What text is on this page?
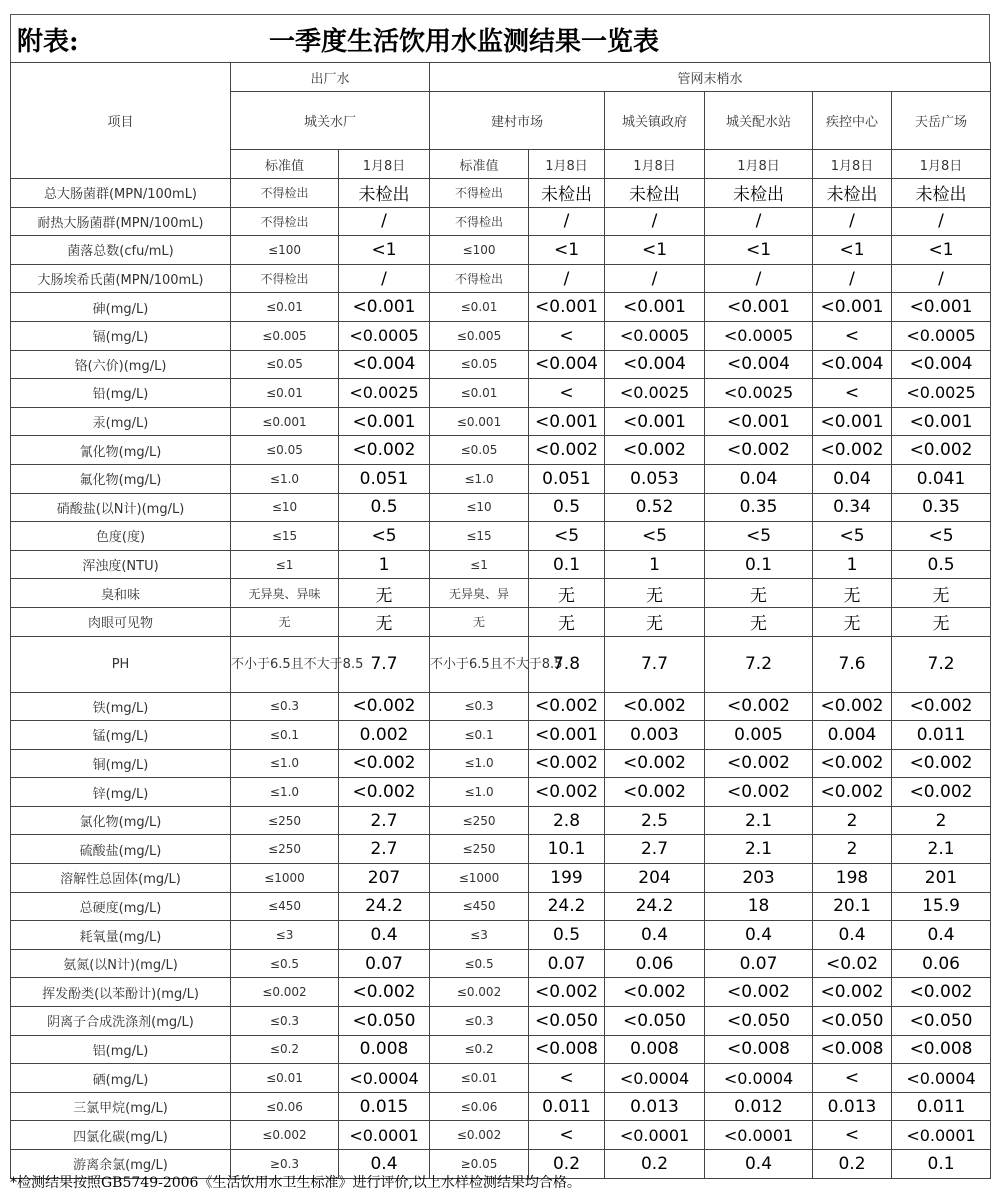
附表:	一季度生活饮用水监测结果一览表
项目	出厂水		管网末梢水					
	城关水厂		建村市场		城关镇政府	城关配水站	疾控中心	天岳广场
	标准值	1月8日	标准值	1月8日	1月8日	1月8日	1月8日	1月8日
总大肠菌群(MPN/100mL)	不得检出	未检出	不得检出	未检出	未检出	未检出	未检出	未检出
耐热大肠菌群(MPN/100mL)	不得检出	/	不得检出	/	/	/	/	/
菌落总数(cfu/mL)	≤100	<1	≤100	<1	<1	<1	<1	<1
大肠埃希氏菌(MPN/100mL)	不得检出	/	不得检出	/	/	/	/	/
砷(mg/L)	≤0.01	<0.001	≤0.01	<0.001	<0.001	<0.001	<0.001	<0.001
镉(mg/L)	≤0.005	<0.0005	≤0.005	<	<0.0005	<0.0005	<	<0.0005
铬(六价)(mg/L)	≤0.05	<0.004	≤0.05	<0.004	<0.004	<0.004	<0.004	<0.004
铅(mg/L)	≤0.01	<0.0025	≤0.01	<	<0.0025	<0.0025	<	<0.0025
汞(mg/L)	≤0.001	<0.001	≤0.001	<0.001	<0.001	<0.001	<0.001	<0.001
氰化物(mg/L)	≤0.05	<0.002	≤0.05	<0.002	<0.002	<0.002	<0.002	<0.002
氟化物(mg/L)	≤1.0	0.051	≤1.0	0.051	0.053	0.04	0.04	0.041
硝酸盐(以N计)(mg/L)	≤10	0.5	≤10	0.5	0.52	0.35	0.34	0.35
色度(度)	≤15	<5	≤15	<5	<5	<5	<5	<5
浑浊度(NTU)	≤1	1	≤1	0.1	1	0.1	1	0.5
臭和味	无异臭、异味	无	无异臭、异	无	无	无	无	无
肉眼可见物	无	无	无	无	无	无	无	无
PH	不小于6.5且不大于8.5	7.7	不小于6.5且不大于8.5	7.8	7.7	7.2	7.6	7.2
铁(mg/L)	≤0.3	<0.002	≤0.3	<0.002	<0.002	<0.002	<0.002	<0.002
锰(mg/L)	≤0.1	0.002	≤0.1	<0.001	0.003	0.005	0.004	0.011
铜(mg/L)	≤1.0	<0.002	≤1.0	<0.002	<0.002	<0.002	<0.002	<0.002
锌(mg/L)	≤1.0	<0.002	≤1.0	<0.002	<0.002	<0.002	<0.002	<0.002
氯化物(mg/L)	≤250	2.7	≤250	2.8	2.5	2.1	2	2
硫酸盐(mg/L)	≤250	2.7	≤250	10.1	2.7	2.1	2	2.1
溶解性总固体(mg/L)	≤1000	207	≤1000	199	204	203	198	201
总硬度(mg/L)	≤450	24.2	≤450	24.2	24.2	18	20.1	15.9
耗氧量(mg/L)	≤3	0.4	≤3	0.5	0.4	0.4	0.4	0.4
氨氮(以N计)(mg/L)	≤0.5	0.07	≤0.5	0.07	0.06	0.07	<0.02	0.06
挥发酚类(以苯酚计)(mg/L)	≤0.002	<0.002	≤0.002	<0.002	<0.002	<0.002	<0.002	<0.002
阴离子合成洗涤剂(mg/L)	≤0.3	<0.050	≤0.3	<0.050	<0.050	<0.050	<0.050	<0.050
铝(mg/L)	≤0.2	0.008	≤0.2	<0.008	0.008	<0.008	<0.008	<0.008
硒(mg/L)	≤0.01	<0.0004	≤0.01	<	<0.0004	<0.0004	<	<0.0004
三氯甲烷(mg/L)	≤0.06	0.015	≤0.06	0.011	0.013	0.012	0.013	0.011
四氯化碳(mg/L)	≤0.002	<0.0001	≤0.002	<	<0.0001	<0.0001	<	<0.0001
游离余氯(mg/L)	≥0.3	0.4	≥0.05	0.2	0.2	0.4	0.2	0.1
*检测结果按照GB5749-2006《生活饮用水卫生标准》进行评价,以上水样检测结果均合格。
